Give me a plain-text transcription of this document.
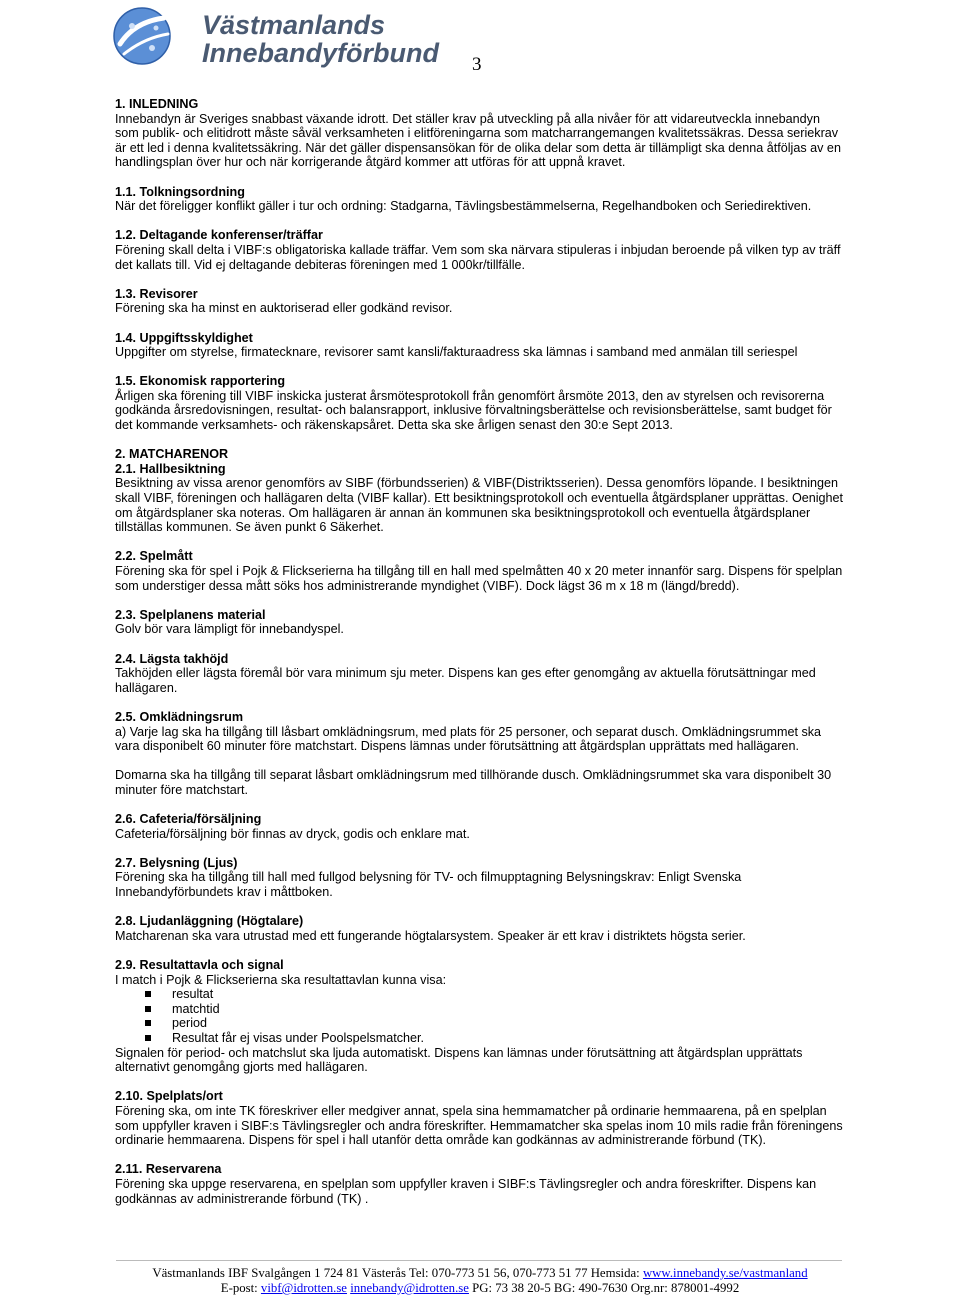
Västmanlands
Innebandyförbund 3
1. INLEDNING
Innebandyn är Sveriges snabbast växande idrott. Det ställer krav på utveckling på alla nivåer för att vidareutveckla innebandyn som publik- och elitidrott måste såväl verksamheten i elitföreningarna som matcharrangemangen kvalitetssäkras. Dessa seriekrav är ett led i denna kvalitetssäkring. När det gäller dispensansökan för de olika delar som detta är tillämpligt ska denna åtföljas av en handlingsplan över hur och när korrigerande åtgärd kommer att utföras för att uppnå kravet.
1.1. Tolkningsordning
När det föreligger konflikt gäller i tur och ordning: Stadgarna, Tävlingsbestämmelserna, Regelhandboken och Seriedirektiven.
1.2. Deltagande konferenser/träffar
Förening skall delta i VIBF:s obligatoriska kallade träffar. Vem som ska närvara stipuleras i inbjudan beroende på vilken typ av träff det kallats till. Vid ej deltagande debiteras föreningen med 1 000kr/tillfälle.
1.3. Revisorer
Förening ska ha minst en auktoriserad eller godkänd revisor.
1.4. Uppgiftsskyldighet
Uppgifter om styrelse, firmatecknare, revisorer samt kansli/fakturaadress ska lämnas i samband med anmälan till seriespel
1.5. Ekonomisk rapportering
Årligen ska förening till VIBF inskicka justerat årsmötesprotokoll från genomfört årsmöte 2013, den av styrelsen och revisorerna godkända årsredovisningen, resultat- och balansrapport, inklusive förvaltningsberättelse och revisionsberättelse, samt budget för det kommande verksamhets- och räkenskapsåret. Detta ska ske årligen senast den 30:e Sept 2013.
2. MATCHARENOR
2.1. Hallbesiktning
Besiktning av vissa arenor genomförs av SIBF (förbundsserien) & VIBF(Distriktsserien). Dessa genomförs löpande. I besiktningen skall VIBF, föreningen och hallägaren delta (VIBF kallar). Ett besiktningsprotokoll och eventuella åtgärdsplaner upprättas. Oenighet om åtgärdsplaner ska noteras. Om hallägaren är annan än kommunen ska besiktningsprotokoll och eventuella åtgärdsplaner tillställas kommunen. Se även punkt 6 Säkerhet.
2.2. Spelmått
Förening ska för spel i Pojk & Flickserierna ha tillgång till en hall med spelmåtten 40 x 20 meter innanför sarg. Dispens för spelplan som understiger dessa mått söks hos administrerande myndighet (VIBF). Dock lägst 36 m x 18 m (längd/bredd).
2.3. Spelplanens material
Golv bör vara lämpligt för innebandyspel.
2.4. Lägsta takhöjd
Takhöjden eller lägsta föremål bör vara minimum sju meter. Dispens kan ges efter genomgång av aktuella förutsättningar med hallägaren.
2.5. Omklädningsrum
a) Varje lag ska ha tillgång till låsbart omklädningsrum, med plats för 25 personer, och separat dusch. Omklädningsrummet ska vara disponibelt 60 minuter före matchstart. Dispens lämnas under förutsättning att åtgärdsplan upprättats med hallägaren.
Domarna ska ha tillgång till separat låsbart omklädningsrum med tillhörande dusch. Omklädningsrummet ska vara disponibelt 30 minuter före matchstart.
2.6. Cafeteria/försäljning
Cafeteria/försäljning bör finnas av dryck, godis och enklare mat.
2.7. Belysning (Ljus)
Förening ska ha tillgång till hall med fullgod belysning för TV- och filmupptagning Belysningskrav: Enligt Svenska Innebandyförbundets krav i måttboken.
2.8. Ljudanläggning (Högtalare)
Matcharenan ska vara utrustad med ett fungerande högtalarsystem. Speaker är ett krav i distriktets högsta serier.
2.9. Resultattavla och signal
I match i Pojk & Flickserierna ska resultattavlan kunna visa:
resultat
matchtid
period
Resultat får ej visas under Poolspelsmatcher.
Signalen för period- och matchslut ska ljuda automatiskt. Dispens kan lämnas under förutsättning att åtgärdsplan upprättats alternativt genomgång gjorts med hallägaren.
2.10. Spelplats/ort
Förening ska, om inte TK föreskriver eller medgiver annat, spela sina hemmamatcher på ordinarie hemmaarena, på en spelplan som uppfyller kraven i SIBF:s Tävlingsregler och andra föreskrifter. Hemmamatcher ska spelas inom 10 mils radie från föreningens ordinarie hemmaarena. Dispens för spel i hall utanför detta område kan godkännas av administrerande förbund (TK).
2.11. Reservarena
Förening ska uppge reservarena, en spelplan som uppfyller kraven i SIBF:s Tävlingsregler och andra föreskrifter. Dispens kan godkännas av administrerande förbund (TK) .
Västmanlands IBF Svalgången 1 724 81 Västerås Tel: 070-773 51 56, 070-773 51 77 Hemsida: www.innebandy.se/vastmanland
E-post: vibf@idrotten.se innebandy@idrotten.se PG: 73 38 20-5 BG: 490-7630 Org.nr: 878001-4992
